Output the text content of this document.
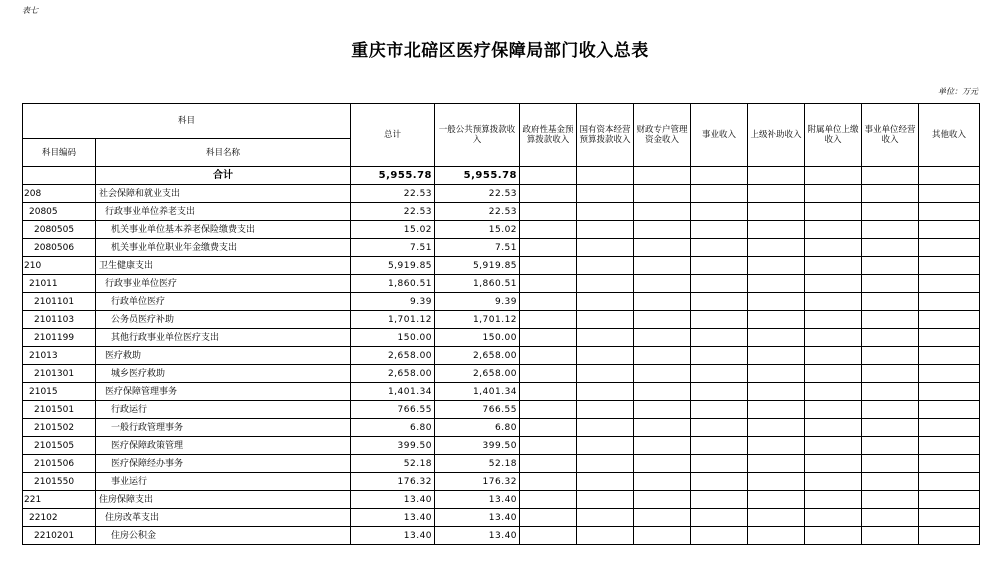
表七
重庆市北碚区医疗保障局部门收入总表
单位：万元
科目		总计	一般公共预算拨款收入	政府性基金预算拨款收入	国有资本经营预算拨款收入	财政专户管理资金收入	事业收入	上级补助收入	附属单位上缴收入	事业单位经营收入	其他收入
科目编码	科目名称										
	合计	5,955.78	5,955.78								
208	社会保障和就业支出	22.53	22.53								
20805	行政事业单位养老支出	22.53	22.53								
2080505	机关事业单位基本养老保险缴费支出	15.02	15.02								
2080506	机关事业单位职业年金缴费支出	7.51	7.51								
210	卫生健康支出	5,919.85	5,919.85								
21011	行政事业单位医疗	1,860.51	1,860.51								
2101101	行政单位医疗	9.39	9.39								
2101103	公务员医疗补助	1,701.12	1,701.12								
2101199	其他行政事业单位医疗支出	150.00	150.00								
21013	医疗救助	2,658.00	2,658.00								
2101301	城乡医疗救助	2,658.00	2,658.00								
21015	医疗保障管理事务	1,401.34	1,401.34								
2101501	行政运行	766.55	766.55								
2101502	一般行政管理事务	6.80	6.80								
2101505	医疗保障政策管理	399.50	399.50								
2101506	医疗保障经办事务	52.18	52.18								
2101550	事业运行	176.32	176.32								
221	住房保障支出	13.40	13.40								
22102	住房改革支出	13.40	13.40								
2210201	住房公积金	13.40	13.40								
